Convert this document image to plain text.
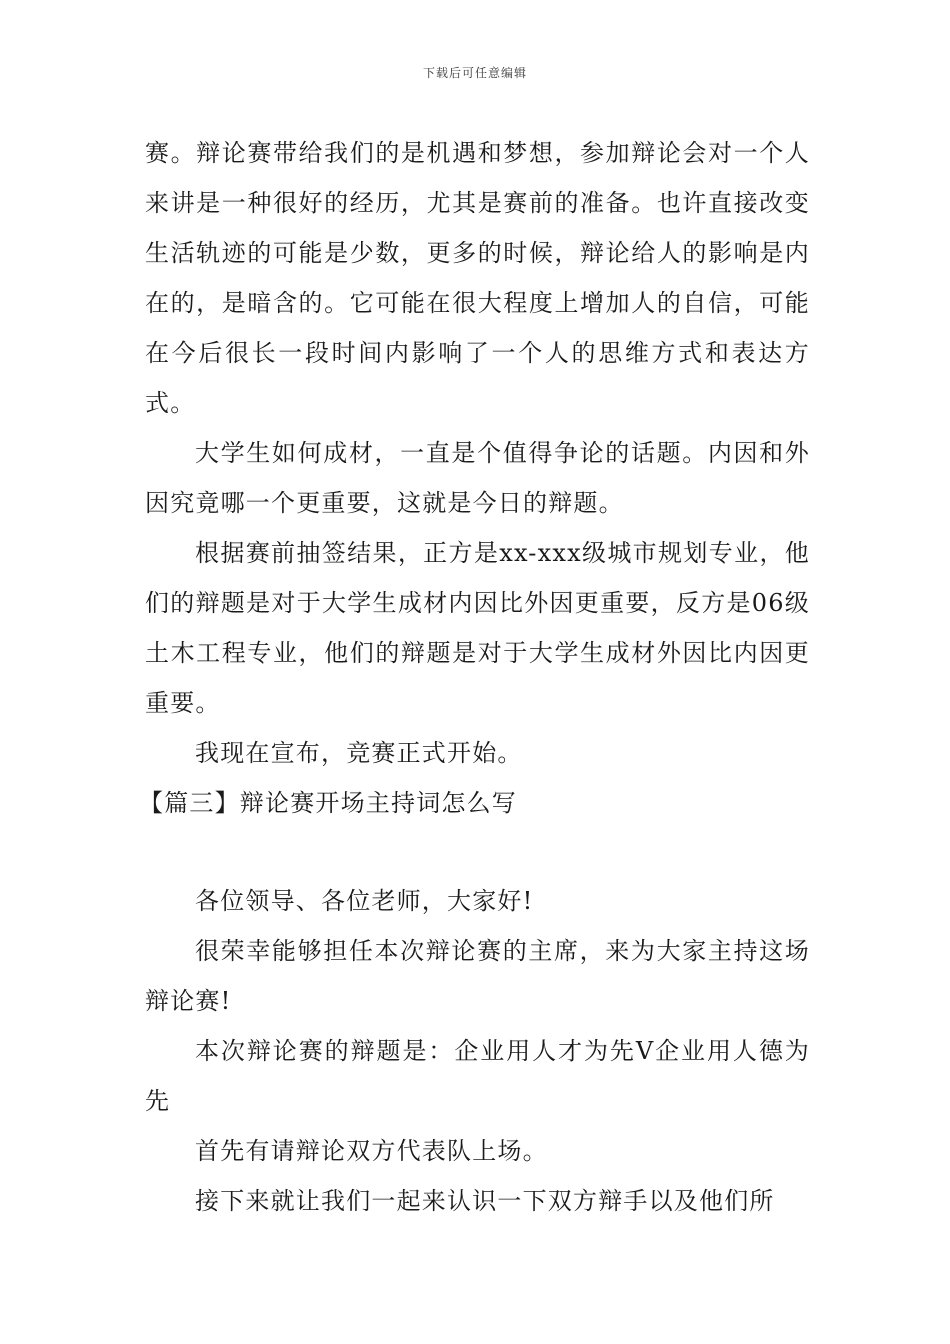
下载后可任意编辑

赛。辩论赛带给我们的是机遇和梦想，参加辩论会对一个人来讲是一种很好的经历，尤其是赛前的准备。也许直接改变生活轨迹的可能是少数，更多的时候，辩论给人的影响是内在的，是暗含的。它可能在很大程度上增加人的自信，可能在今后很长一段时间内影响了一个人的思维方式和表达方式。

大学生如何成材，一直是个值得争论的话题。内因和外因究竟哪一个更重要，这就是今日的辩题。

根据赛前抽签结果，正方是xx-xxx级城市规划专业，他们的辩题是对于大学生成材内因比外因更重要，反方是06级土木工程专业，他们的辩题是对于大学生成材外因比内因更重要。

我现在宣布，竞赛正式开始。

【篇三】辩论赛开场主持词怎么写

各位领导、各位老师，大家好!

很荣幸能够担任本次辩论赛的主席，来为大家主持这场辩论赛!

本次辩论赛的辩题是：企业用人才为先V企业用人德为先

首先有请辩论双方代表队上场。

接下来就让我们一起来认识一下双方辩手以及他们所
